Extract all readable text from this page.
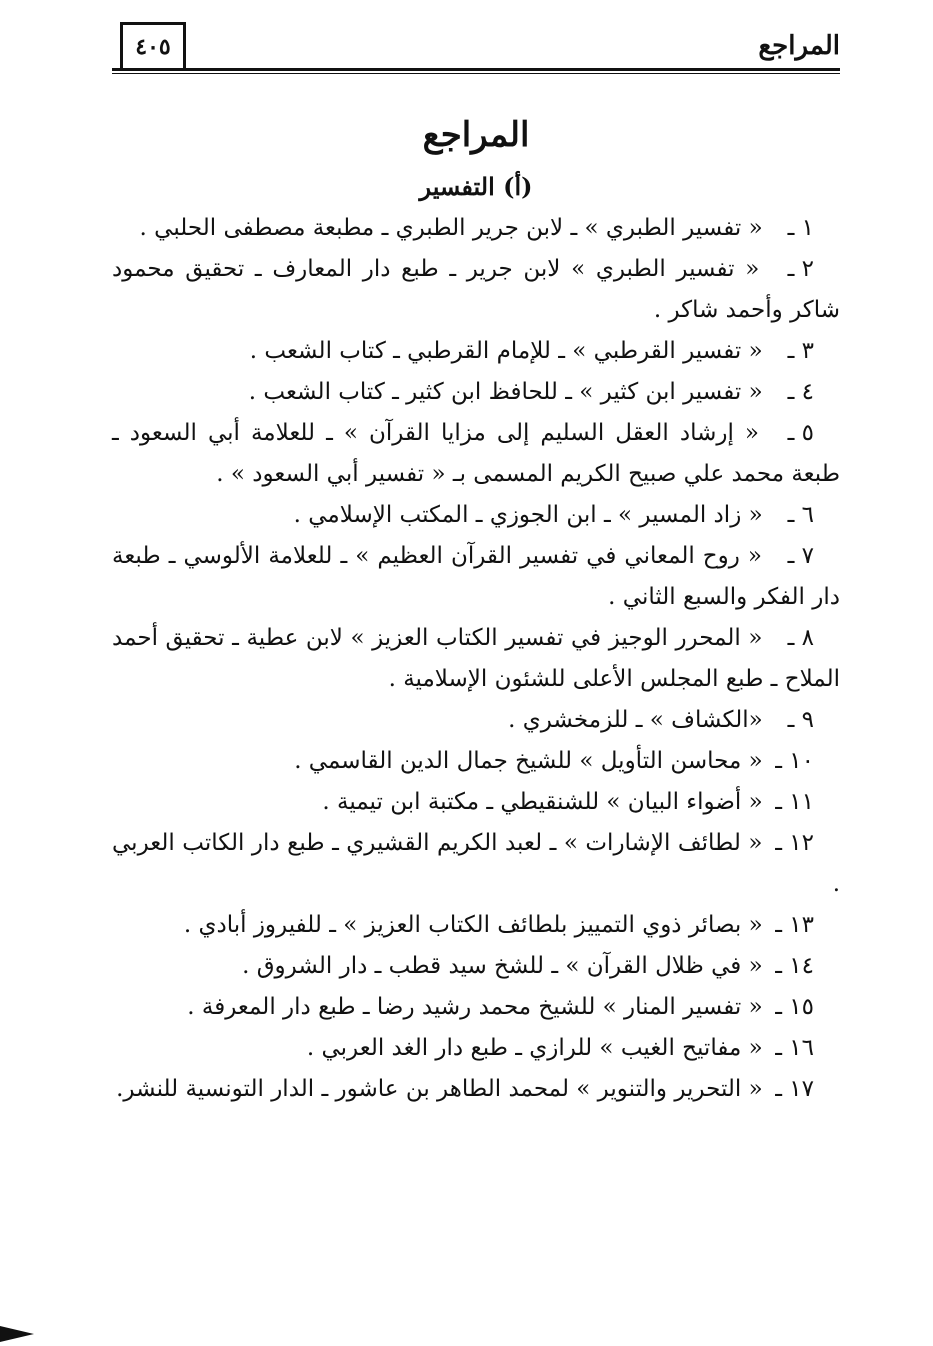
المراجع
٤٠٥
المراجع
(أ) التفسير
١ ـ « تفسير الطبري » ـ لابن جرير الطبري ـ مطبعة مصطفى الحلبي .
٢ ـ « تفسير الطبري » لابن جرير ـ طبع دار المعارف ـ تحقيق محمود شاكر وأحمد شاكر .
٣ ـ « تفسير القرطبي » ـ للإمام القرطبي ـ كتاب الشعب .
٤ ـ « تفسير ابن كثير » ـ للحافظ ابن كثير ـ كتاب الشعب .
٥ ـ « إرشاد العقل السليم إلى مزايا القرآن » ـ للعلامة أبي السعود ـ طبعة محمد علي صبيح الكريم المسمى بـ « تفسير أبي السعود » .
٦ ـ « زاد المسير » ـ ابن الجوزي ـ المكتب الإسلامي .
٧ ـ « روح المعاني في تفسير القرآن العظيم » ـ للعلامة الألوسي ـ طبعة دار الفكر والسبع الثاني .
٨ ـ « المحرر الوجيز في تفسير الكتاب العزيز » لابن عطية ـ تحقيق أحمد الملاح ـ طبع المجلس الأعلى للشئون الإسلامية .
٩ ـ «الكشاف » ـ للزمخشري .
١٠ ـ « محاسن التأويل » للشيخ جمال الدين القاسمي .
١١ ـ « أضواء البيان » للشنقيطي ـ مكتبة ابن تيمية .
١٢ ـ « لطائف الإشارات » ـ لعبد الكريم القشيري ـ طبع دار الكاتب العربي .
١٣ ـ « بصائر ذوي التمييز بلطائف الكتاب العزيز » ـ للفيروز أبادي .
١٤ ـ « في ظلال القرآن » ـ للشخ سيد قطب ـ دار الشروق .
١٥ ـ « تفسير المنار » للشيخ محمد رشيد رضا ـ طبع دار المعرفة .
١٦ ـ « مفاتيح الغيب » للرازي ـ طبع دار الغد العربي .
١٧ ـ « التحرير والتنوير » لمحمد الطاهر بن عاشور ـ الدار التونسية للنشر.
